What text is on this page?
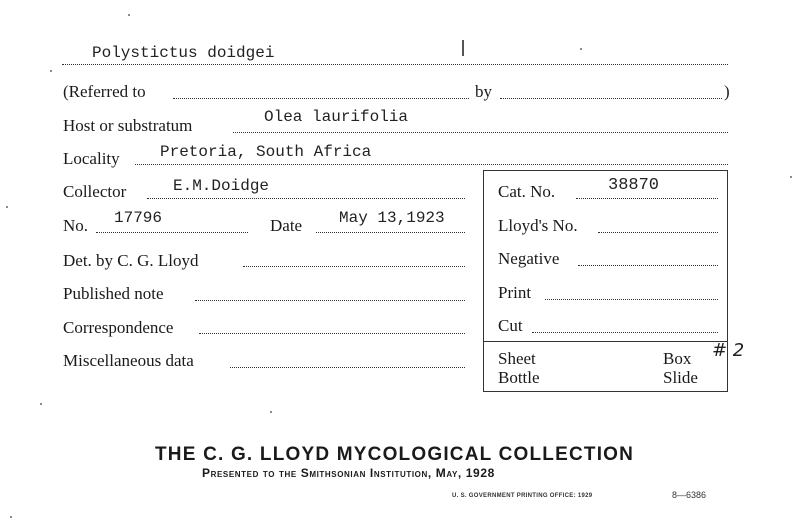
Polystictus doidgei
(Referred to	by	)
Host or substratum	Olea laurifolia
Locality	Pretoria, South Africa
Collector	E.M.Doidge
No. 17796	Date May 13,1923
Det. by C. G. Lloyd
Published note
Correspondence
Miscellaneous data
Cat. No.	38870
Lloyd's No.
Negative
Print
Cut
Sheet	Box # 2
Bottle	Slide
THE C. G. LLOYD MYCOLOGICAL COLLECTION
Presented to the Smithsonian Institution, May, 1928
U. S. GOVERNMENT PRINTING OFFICE: 1929	8—6386
